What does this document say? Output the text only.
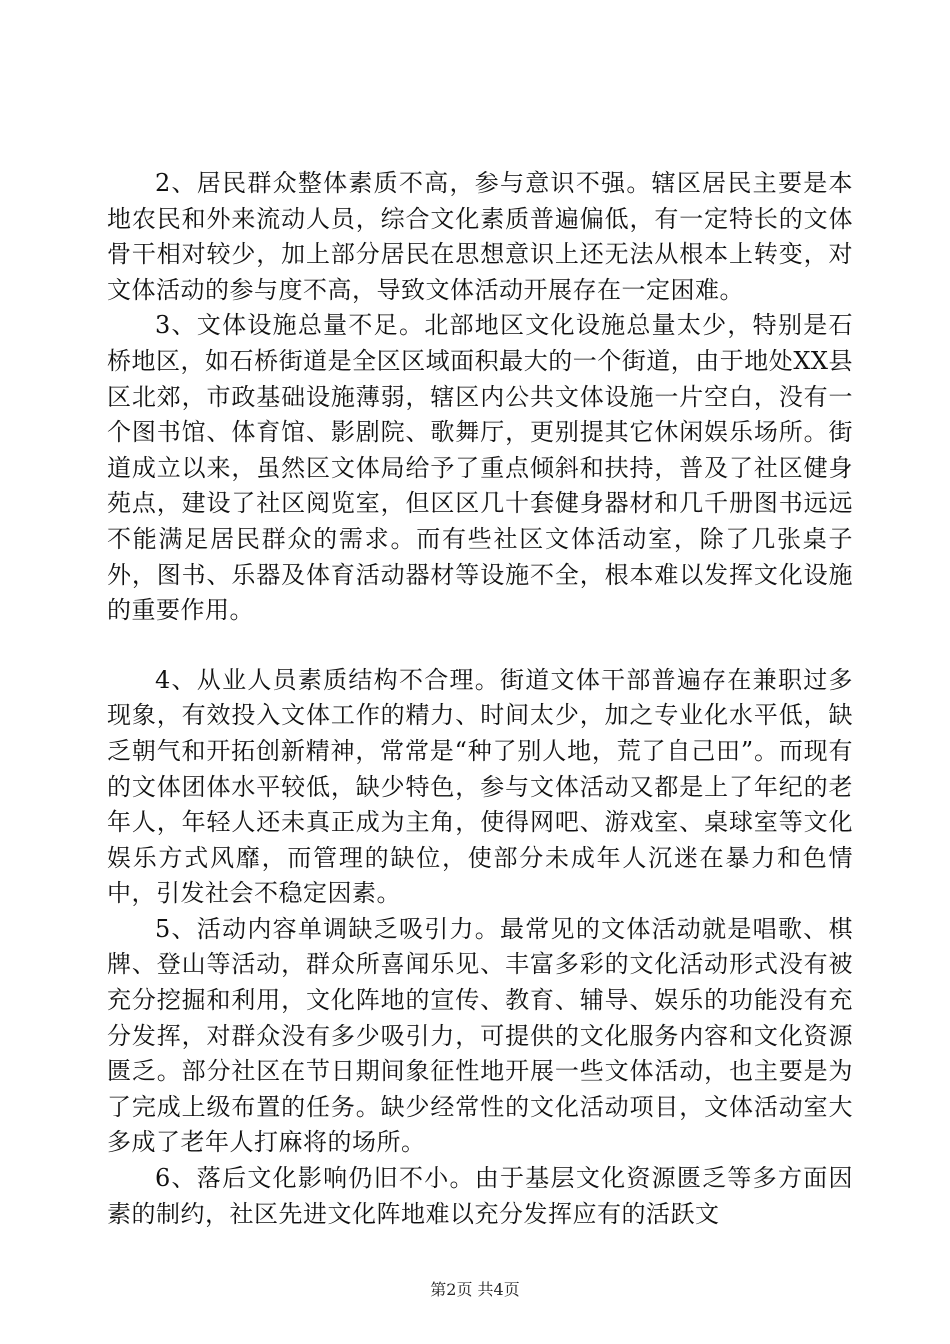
2、居民群众整体素质不高，参与意识不强。辖区居民主要是本地农民和外来流动人员，综合文化素质普遍偏低，有一定特长的文体骨干相对较少，加上部分居民在思想意识上还无法从根本上转变，对文体活动的参与度不高，导致文体活动开展存在一定困难。

3、文体设施总量不足。北部地区文化设施总量太少，特别是石桥地区，如石桥街道是全区区域面积最大的一个街道，由于地处XX县区北郊，市政基础设施薄弱，辖区内公共文体设施一片空白，没有一个图书馆、体育馆、影剧院、歌舞厅，更别提其它休闲娱乐场所。街道成立以来，虽然区文体局给予了重点倾斜和扶持，普及了社区健身苑点，建设了社区阅览室，但区区几十套健身器材和几千册图书远远不能满足居民群众的需求。而有些社区文体活动室，除了几张桌子外，图书、乐器及体育活动器材等设施不全，根本难以发挥文化设施的重要作用。

4、从业人员素质结构不合理。街道文体干部普遍存在兼职过多现象，有效投入文体工作的精力、时间太少，加之专业化水平低，缺乏朝气和开拓创新精神，常常是“种了别人地，荒了自己田”。而现有的文体团体水平较低，缺少特色，参与文体活动又都是上了年纪的老年人，年轻人还未真正成为主角，使得网吧、游戏室、桌球室等文化娱乐方式风靡，而管理的缺位，使部分未成年人沉迷在暴力和色情中，引发社会不稳定因素。

5、活动内容单调缺乏吸引力。最常见的文体活动就是唱歌、棋牌、登山等活动，群众所喜闻乐见、丰富多彩的文化活动形式没有被充分挖掘和利用，文化阵地的宣传、教育、辅导、娱乐的功能没有充分发挥，对群众没有多少吸引力，可提供的文化服务内容和文化资源匮乏。部分社区在节日期间象征性地开展一些文体活动，也主要是为了完成上级布置的任务。缺少经常性的文化活动项目，文体活动室大多成了老年人打麻将的场所。

6、落后文化影响仍旧不小。由于基层文化资源匮乏等多方面因素的制约，社区先进文化阵地难以充分发挥应有的活跃文

第2页 共4页
